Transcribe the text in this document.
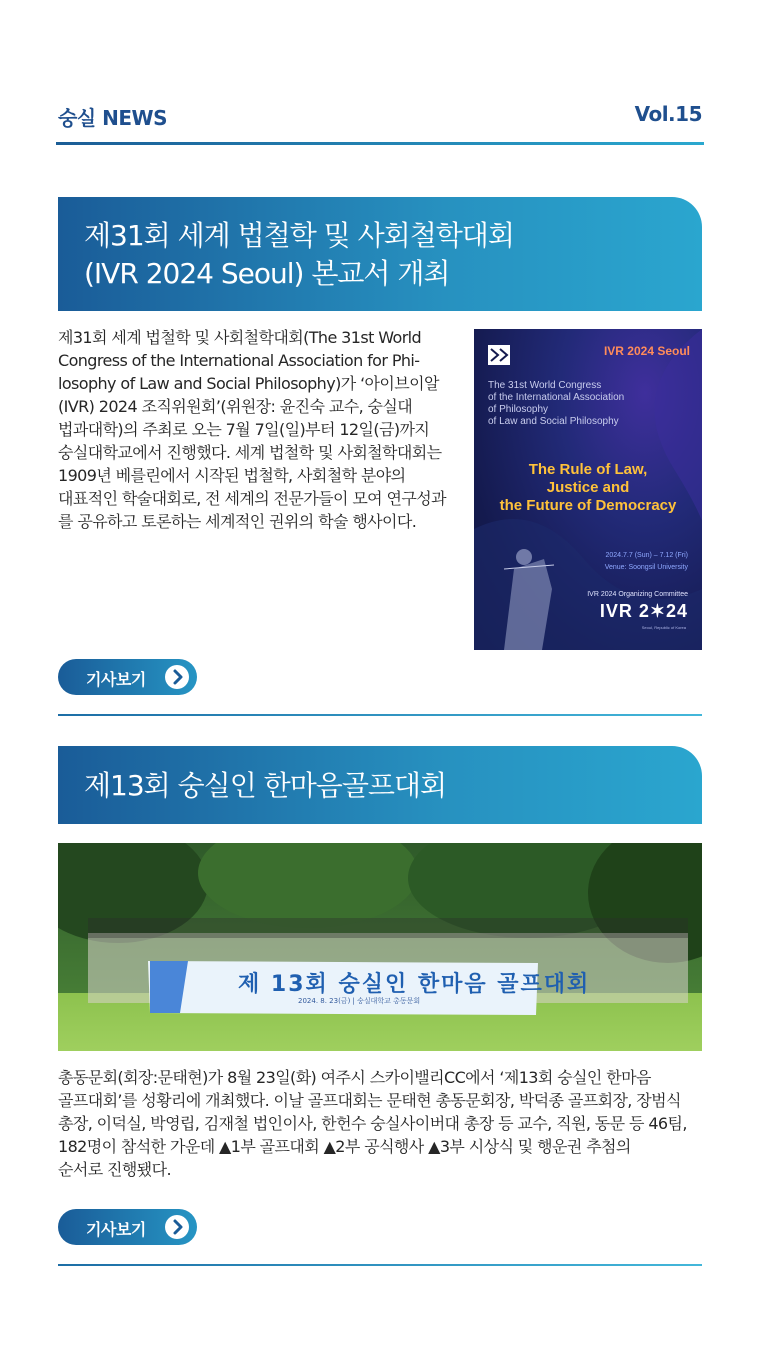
숭실 NEWS	Vol.15
제31회 세계 법철학 및 사회철학대회
(IVR 2024 Seoul) 본교서 개최
제31회 세계 법철학 및 사회철학대회(The 31st World
Congress of the International Association for Phi-
losophy of Law and Social Philosophy)가 ‘아이브이알
(IVR) 2024 조직위원회’(위원장: 윤진숙 교수, 숭실대
법과대학)의 주최로 오는 7월 7일(일)부터 12일(금)까지
숭실대학교에서 진행했다. 세계 법철학 및 사회철학대회는
1909년 베를린에서 시작된 법철학, 사회철학 분야의
대표적인 학술대회로, 전 세계의 전문가들이 모여 연구성과
를 공유하고 토론하는 세계적인 권위의 학술 행사이다.
IVR 2024 Seoul
The 31st World Congress
of the International Association
of Philosophy
of Law and Social Philosophy
The Rule of Law,
Justice and
the Future of Democracy
2024.7.7 (Sun) – 7.12 (Fri)
Venue: Soongsil University
IVR 2024 Organizing Committee
IVR 2✶24
Seoul, Republic of Korea
기사보기
제13회 숭실인 한마음골프대회
제 13회 숭실인 한마음 골프대회
2024. 8. 23(금) | 숭실대학교 총동문회
총동문회(회장:문태현)가 8월 23일(화) 여주시 스카이밸리CC에서 ‘제13회 숭실인 한마음
골프대회’를 성황리에 개최했다. 이날 골프대회는 문태현 총동문회장, 박덕종 골프회장, 장범식
총장, 이덕실, 박영립, 김재철 법인이사, 한헌수 숭실사이버대 총장 등 교수, 직원, 동문 등 46팀,
182명이 참석한 가운데 ▲1부 골프대회 ▲2부 공식행사 ▲3부 시상식 및 행운권 추첨의
순서로 진행됐다.
기사보기
